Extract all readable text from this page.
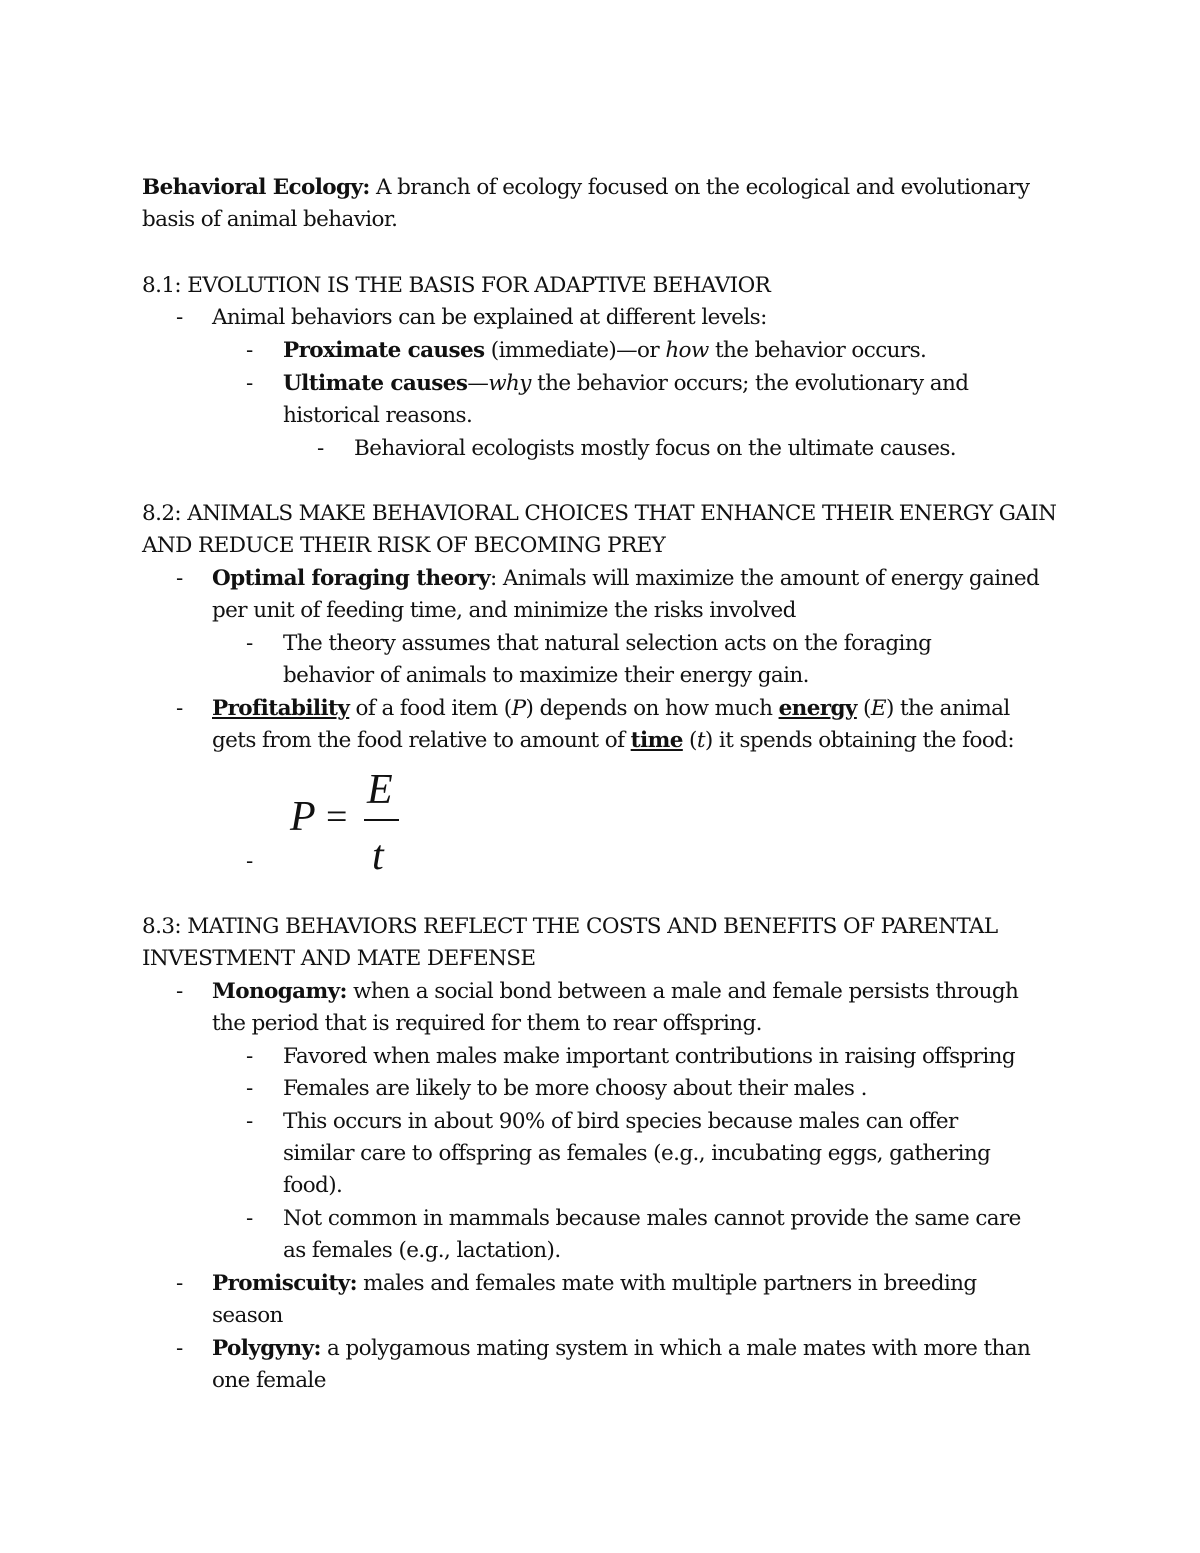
Behavioral Ecology: A branch of ecology focused on the ecological and evolutionary
basis of animal behavior.
8.1: EVOLUTION IS THE BASIS FOR ADAPTIVE BEHAVIOR
- Animal behaviors can be explained at different levels:
- Proximate causes (immediate)—or how the behavior occurs.
- Ultimate causes—why the behavior occurs; the evolutionary and
historical reasons.
- Behavioral ecologists mostly focus on the ultimate causes.
8.2: ANIMALS MAKE BEHAVIORAL CHOICES THAT ENHANCE THEIR ENERGY GAIN
AND REDUCE THEIR RISK OF BECOMING PREY
- Optimal foraging theory: Animals will maximize the amount of energy gained
per unit of feeding time, and minimize the risks involved
- The theory assumes that natural selection acts on the foraging
behavior of animals to maximize their energy gain.
- Profitability of a food item (P) depends on how much energy (E) the animal
gets from the food relative to amount of time (t) it spends obtaining the food:
-
P =
E
t
8.3: MATING BEHAVIORS REFLECT THE COSTS AND BENEFITS OF PARENTAL
INVESTMENT AND MATE DEFENSE
- Monogamy: when a social bond between a male and female persists through
the period that is required for them to rear offspring.
- Favored when males make important contributions in raising offspring
- Females are likely to be more choosy about their males .
- This occurs in about 90% of bird species because males can offer
similar care to offspring as females (e.g., incubating eggs, gathering
food).
- Not common in mammals because males cannot provide the same care
as females (e.g., lactation).
- Promiscuity: males and females mate with multiple partners in breeding
season
- Polygyny: a polygamous mating system in which a male mates with more than
one female
